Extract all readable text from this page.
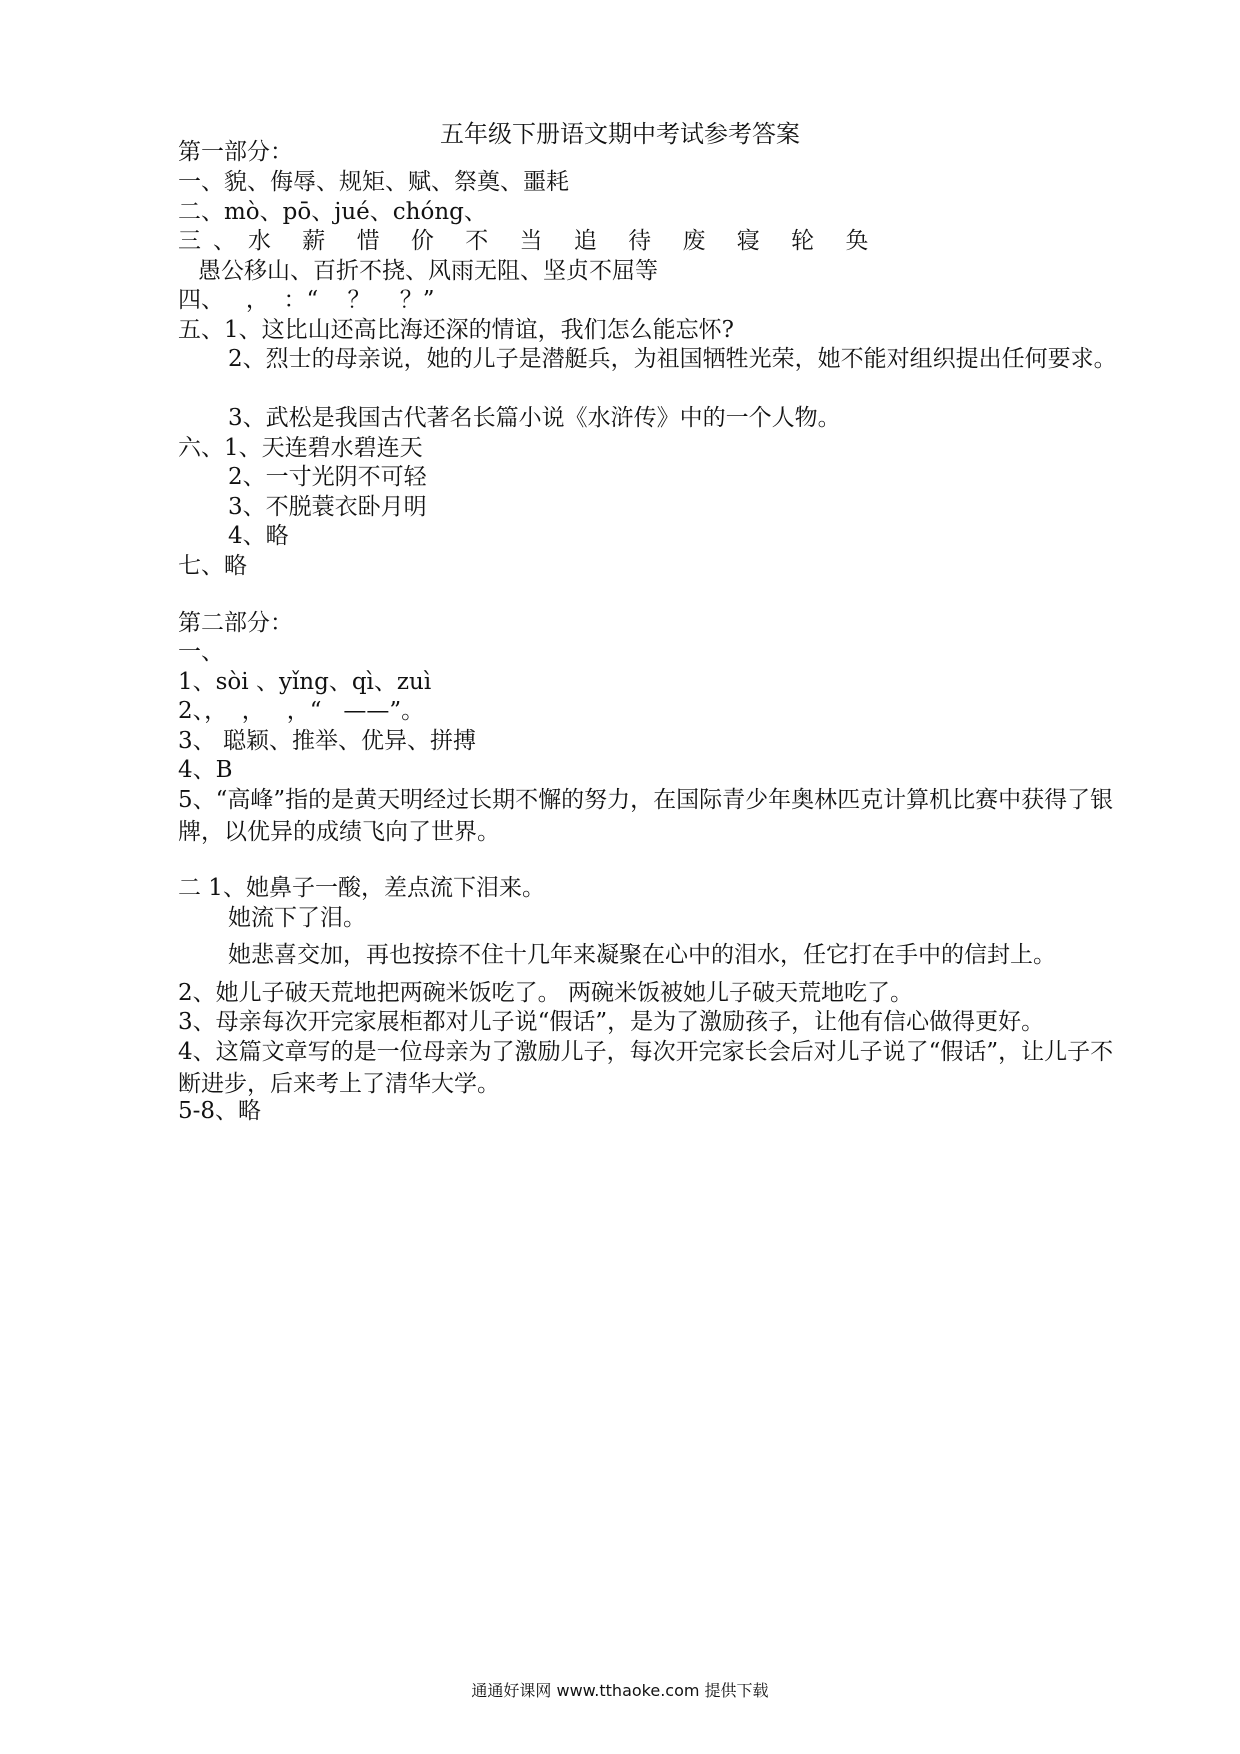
五年级下册语文期中考试参考答案
第一部分：
一、貌、侮辱、规矩、赋、祭奠、噩耗
二、mò、pō、jué、chóng、
三、水 薪 惜 价 不 当 追 待 废 寝 轮 奂
愚公移山、百折不挠、风雨无阻、坚贞不屈等
四、   ，  ：“    ？    ？”
五、1、这比山还高比海还深的情谊，我们怎么能忘怀?
2、烈士的母亲说，她的儿子是潜艇兵，为祖国牺牲光荣，她不能对组织提出任何要求。
3、武松是我国古代著名长篇小说《水浒传》中的一个人物。
六、1、天连碧水碧连天
2、一寸光阴不可轻
3、不脱蓑衣卧月明
4、略
七、略
第二部分：
一、
1、sòi 、yǐng、qì、zuì
2、，  ，   ，“   ——”。
3、 聪颖、推举、优异、拼搏
4、B
5、“高峰”指的是黄天明经过长期不懈的努力，在国际青少年奥林匹克计算机比赛中获得了银牌，以优异的成绩飞向了世界。
二 1、她鼻子一酸，差点流下泪来。
她流下了泪。
她悲喜交加，再也按捺不住十几年来凝聚在心中的泪水，任它打在手中的信封上。
2、她儿子破天荒地把两碗米饭吃了。 两碗米饭被她儿子破天荒地吃了。
3、母亲每次开完家展柜都对儿子说“假话”，是为了激励孩子，让他有信心做得更好。
4、这篇文章写的是一位母亲为了激励儿子，每次开完家长会后对儿子说了“假话”，让儿子不断进步，后来考上了清华大学。
5-8、略
通通好课网 www.tthaoke.com 提供下载
